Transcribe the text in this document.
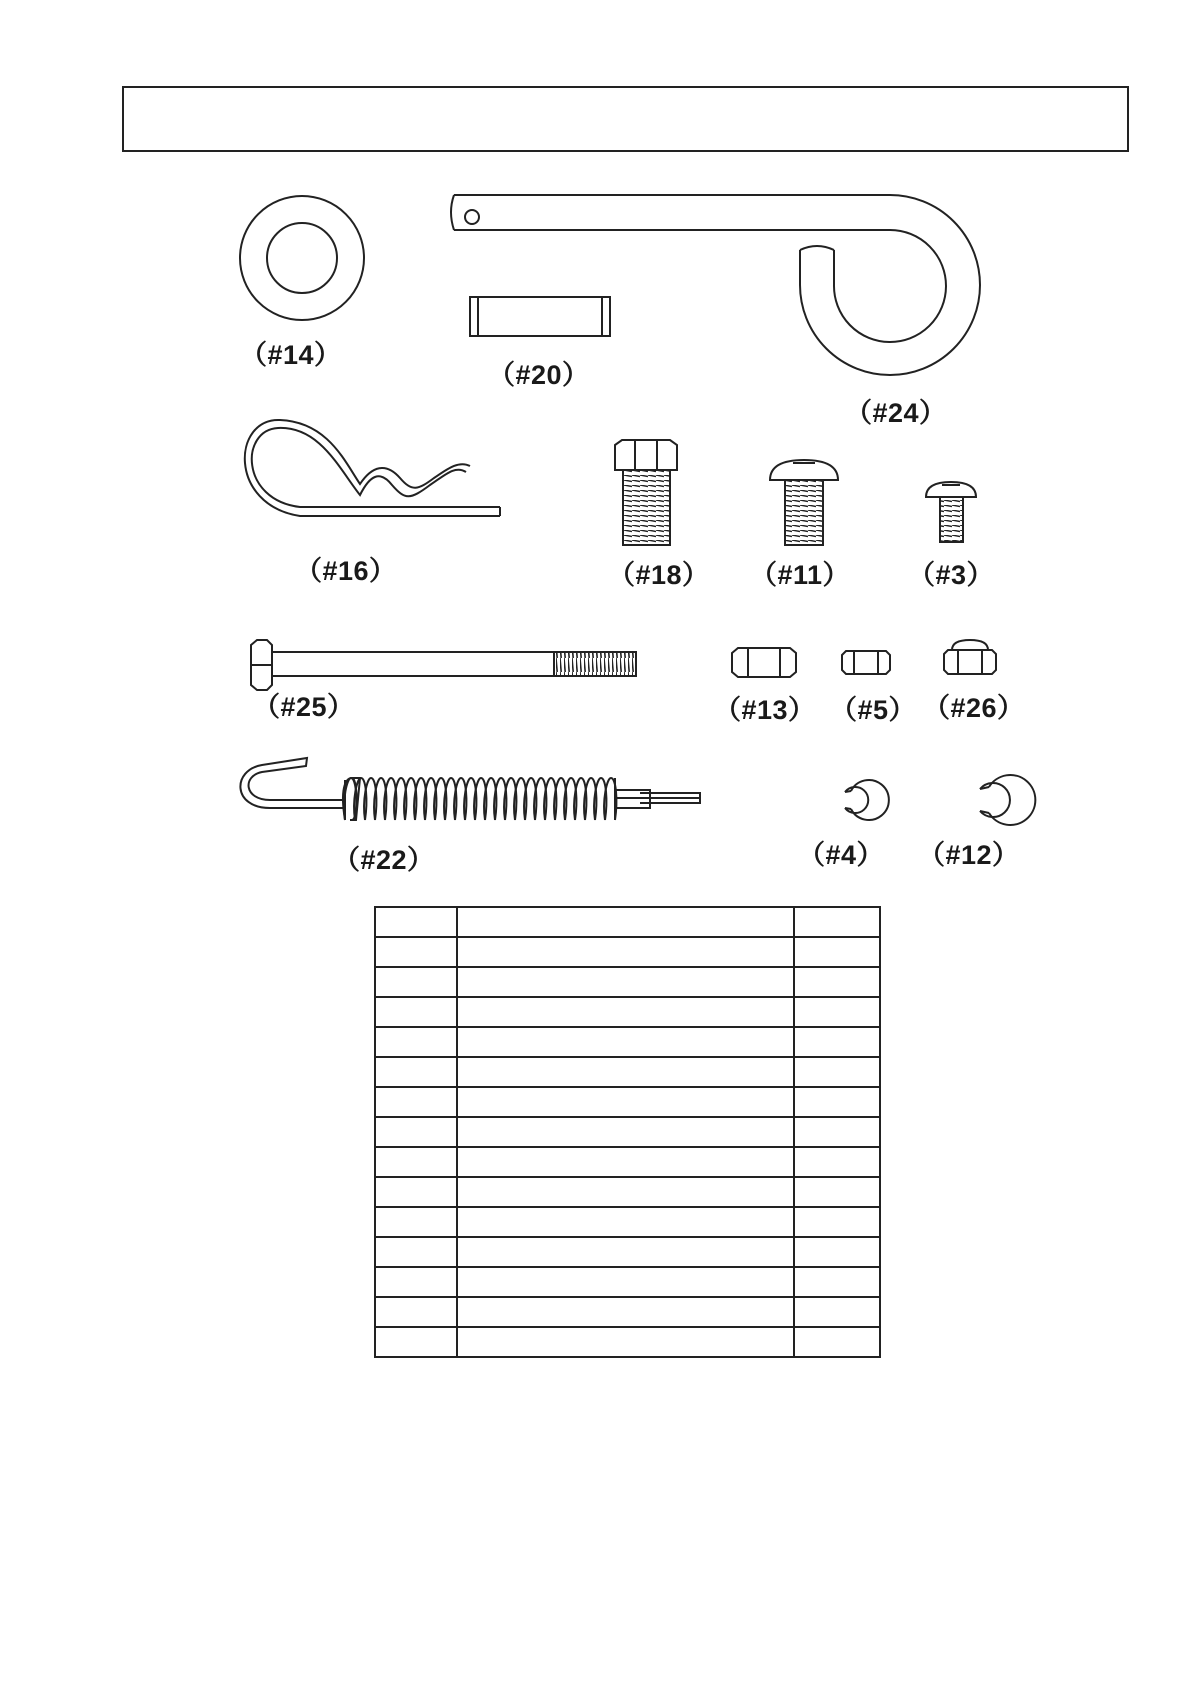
（#14）
（#20）
（#24）
（#16）	（#18） （#11） （#3）
（#25）	（#13） （#5） （#26）
（#22）	（#4） （#12）
